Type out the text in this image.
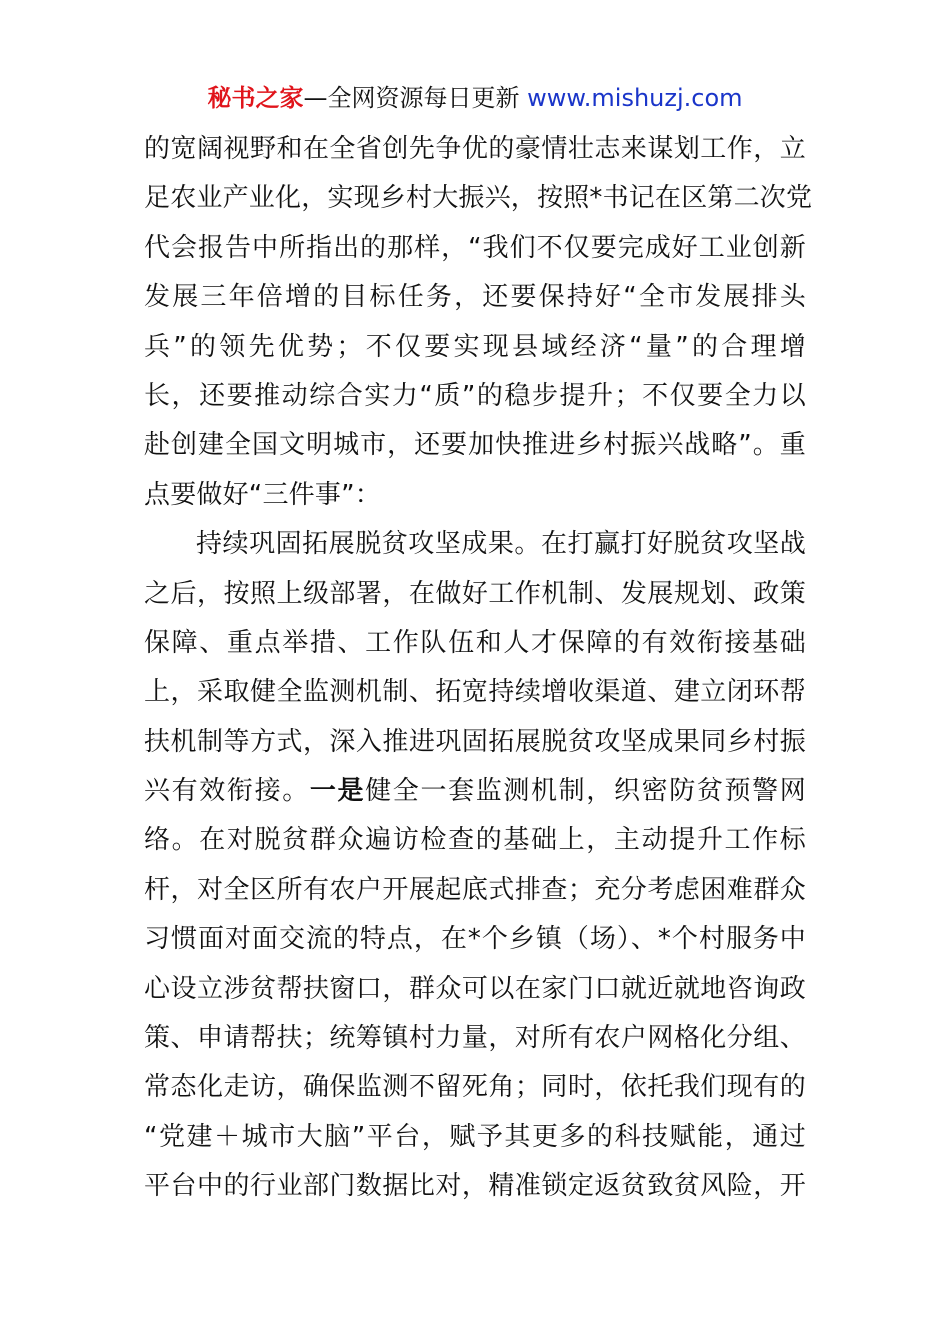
秘书之家—全网资源每日更新 www.mishuzj.com
的宽阔视野和在全省创先争优的豪情壮志来谋划工作，立
足农业产业化，实现乡村大振兴，按照*书记在区第二次党
代会报告中所指出的那样，“我们不仅要完成好工业创新
发展三年倍增的目标任务，还要保持好“全市发展排头
兵”的领先优势；不仅要实现县域经济“量”的合理增
长，还要推动综合实力“质”的稳步提升；不仅要全力以
赴创建全国文明城市，还要加快推进乡村振兴战略”。重
点要做好“三件事”：
持续巩固拓展脱贫攻坚成果。在打赢打好脱贫攻坚战
之后，按照上级部署，在做好工作机制、发展规划、政策
保障、重点举措、工作队伍和人才保障的有效衔接基础
上，采取健全监测机制、拓宽持续增收渠道、建立闭环帮
扶机制等方式，深入推进巩固拓展脱贫攻坚成果同乡村振
兴有效衔接。一是健全一套监测机制，织密防贫预警网
络。在对脱贫群众遍访检查的基础上，主动提升工作标
杆，对全区所有农户开展起底式排查；充分考虑困难群众
习惯面对面交流的特点，在*个乡镇（场）、*个村服务中
心设立涉贫帮扶窗口，群众可以在家门口就近就地咨询政
策、申请帮扶；统筹镇村力量，对所有农户网格化分组、
常态化走访，确保监测不留死角；同时，依托我们现有的
“党建＋城市大脑”平台，赋予其更多的科技赋能，通过
平台中的行业部门数据比对，精准锁定返贫致贫风险，开
